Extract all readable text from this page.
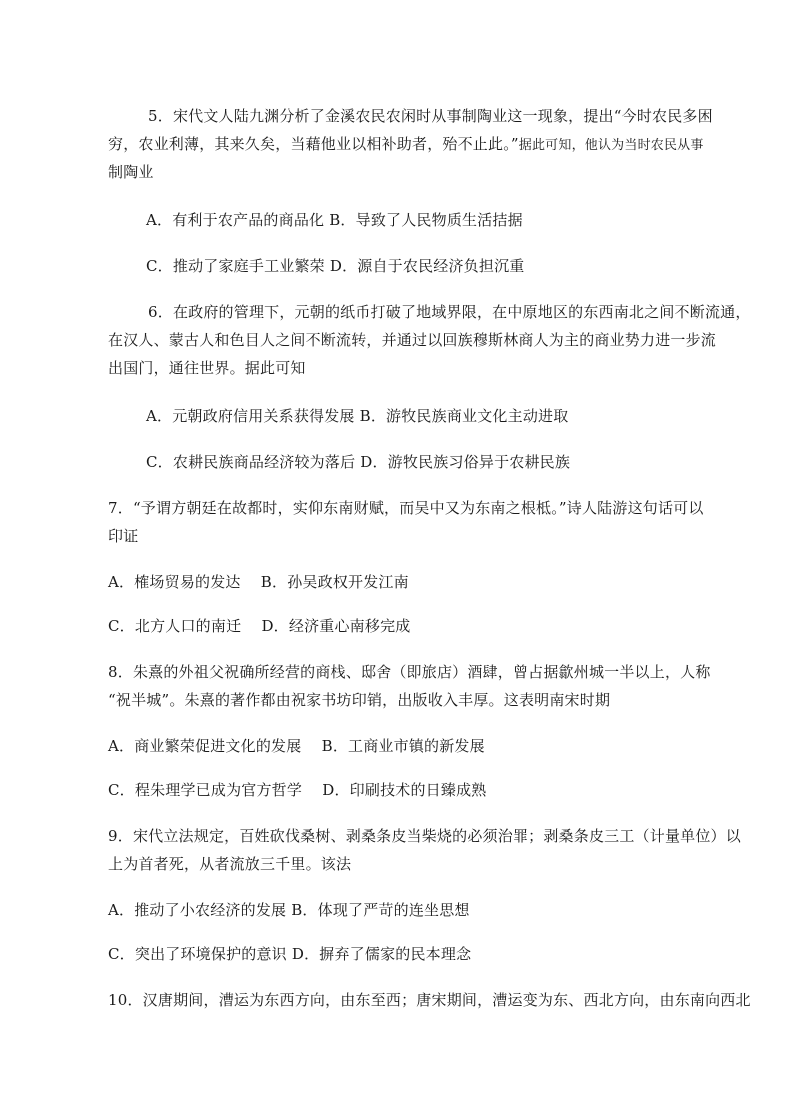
5．宋代文人陆九渊分析了金溪农民农闲时从事制陶业这一现象，提出“今时农民多困
穷，农业利薄，其来久矣，当藉他业以相补助者，殆不止此。”据此可知，他认为当时农民从事
制陶业
A．有利于农产品的商品化 B．导致了人民物质生活拮据
C．推动了家庭手工业繁荣 D．源自于农民经济负担沉重
6．在政府的管理下，元朝的纸币打破了地域界限，在中原地区的东西南北之间不断流通，
在汉人、蒙古人和色目人之间不断流转，并通过以回族穆斯林商人为主的商业势力进一步流
出国门，通往世界。据此可知
A．元朝政府信用关系获得发展 B．游牧民族商业文化主动进取
C．农耕民族商品经济较为落后 D．游牧民族习俗异于农耕民族
7．“予谓方朝廷在故都时，实仰东南财赋，而吴中又为东南之根柢。”诗人陆游这句话可以
印证
A．榷场贸易的发达　 B．孙吴政权开发江南
C．北方人口的南迁　 D．经济重心南移完成
8．朱熹的外祖父祝确所经营的商栈、邸舍（即旅店）酒肆，曾占据歙州城一半以上，人称
“祝半城”。朱熹的著作都由祝家书坊印销，出版收入丰厚。这表明南宋时期
A．商业繁荣促进文化的发展　 B．工商业市镇的新发展
C．程朱理学已成为官方哲学　 D．印刷技术的日臻成熟
9．宋代立法规定，百姓砍伐桑树、剥桑条皮当柴烧的必须治罪；剥桑条皮三工（计量单位）以
上为首者死，从者流放三千里。该法
A．推动了小农经济的发展 B．体现了严苛的连坐思想
C．突出了环境保护的意识 D．摒弃了儒家的民本理念
10．汉唐期间，漕运为东西方向，由东至西；唐宋期间，漕运变为东、西北方向，由东南向西北
